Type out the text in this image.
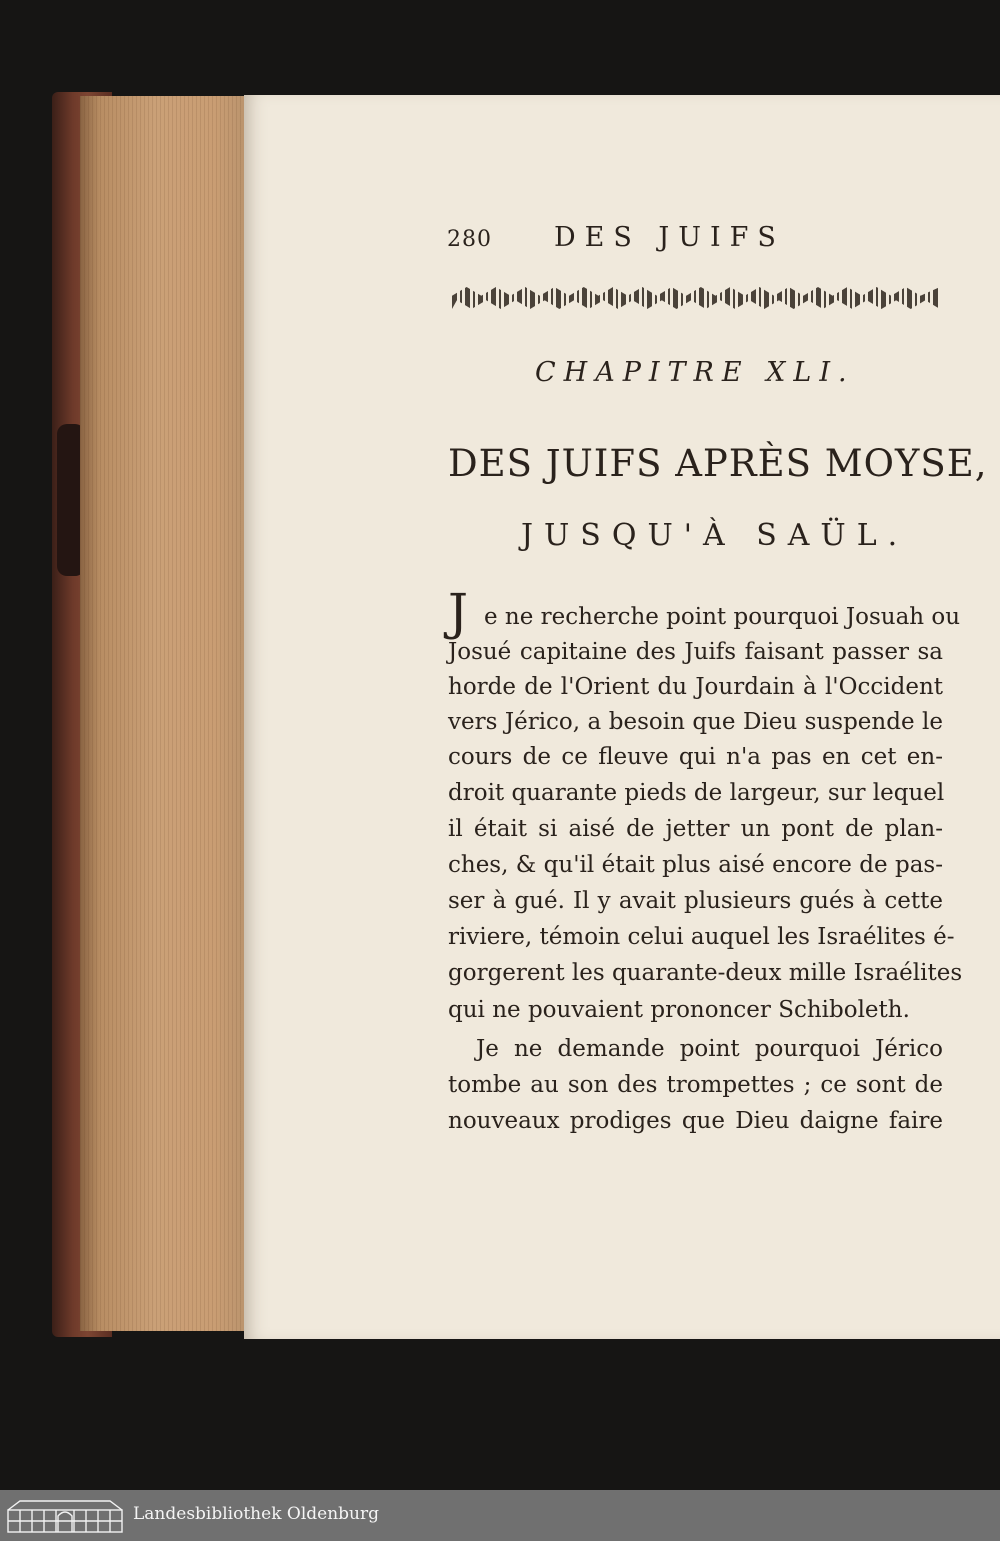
280 DES JUIFS

CHAPITRE XLI.

DES JUIFS APRÈS MOYSE,

JUSQU'À SAÜL.

J e ne recherche point pourquoi Josuah ou

Josué capitaine des Juifs faisant passer sa

horde de l'Orient du Jourdain à l'Occident

vers Jérico, a besoin que Dieu suspende le

cours de ce fleuve qui n'a pas en cet en-

droit quarante pieds de largeur, sur lequel

il était si aisé de jetter un pont de plan-

ches, & qu'il était plus aisé encore de pas-

ser à gué. Il y avait plusieurs gués à cette

riviere, témoin celui auquel les Israélites é-

gorgerent les quarante-deux mille Israélites

qui ne pouvaient prononcer Schiboleth.

Je ne demande point pourquoi Jérico

tombe au son des trompettes ; ce sont de

nouveaux prodiges que Dieu daigne faire

Landesbibliothek Oldenburg
